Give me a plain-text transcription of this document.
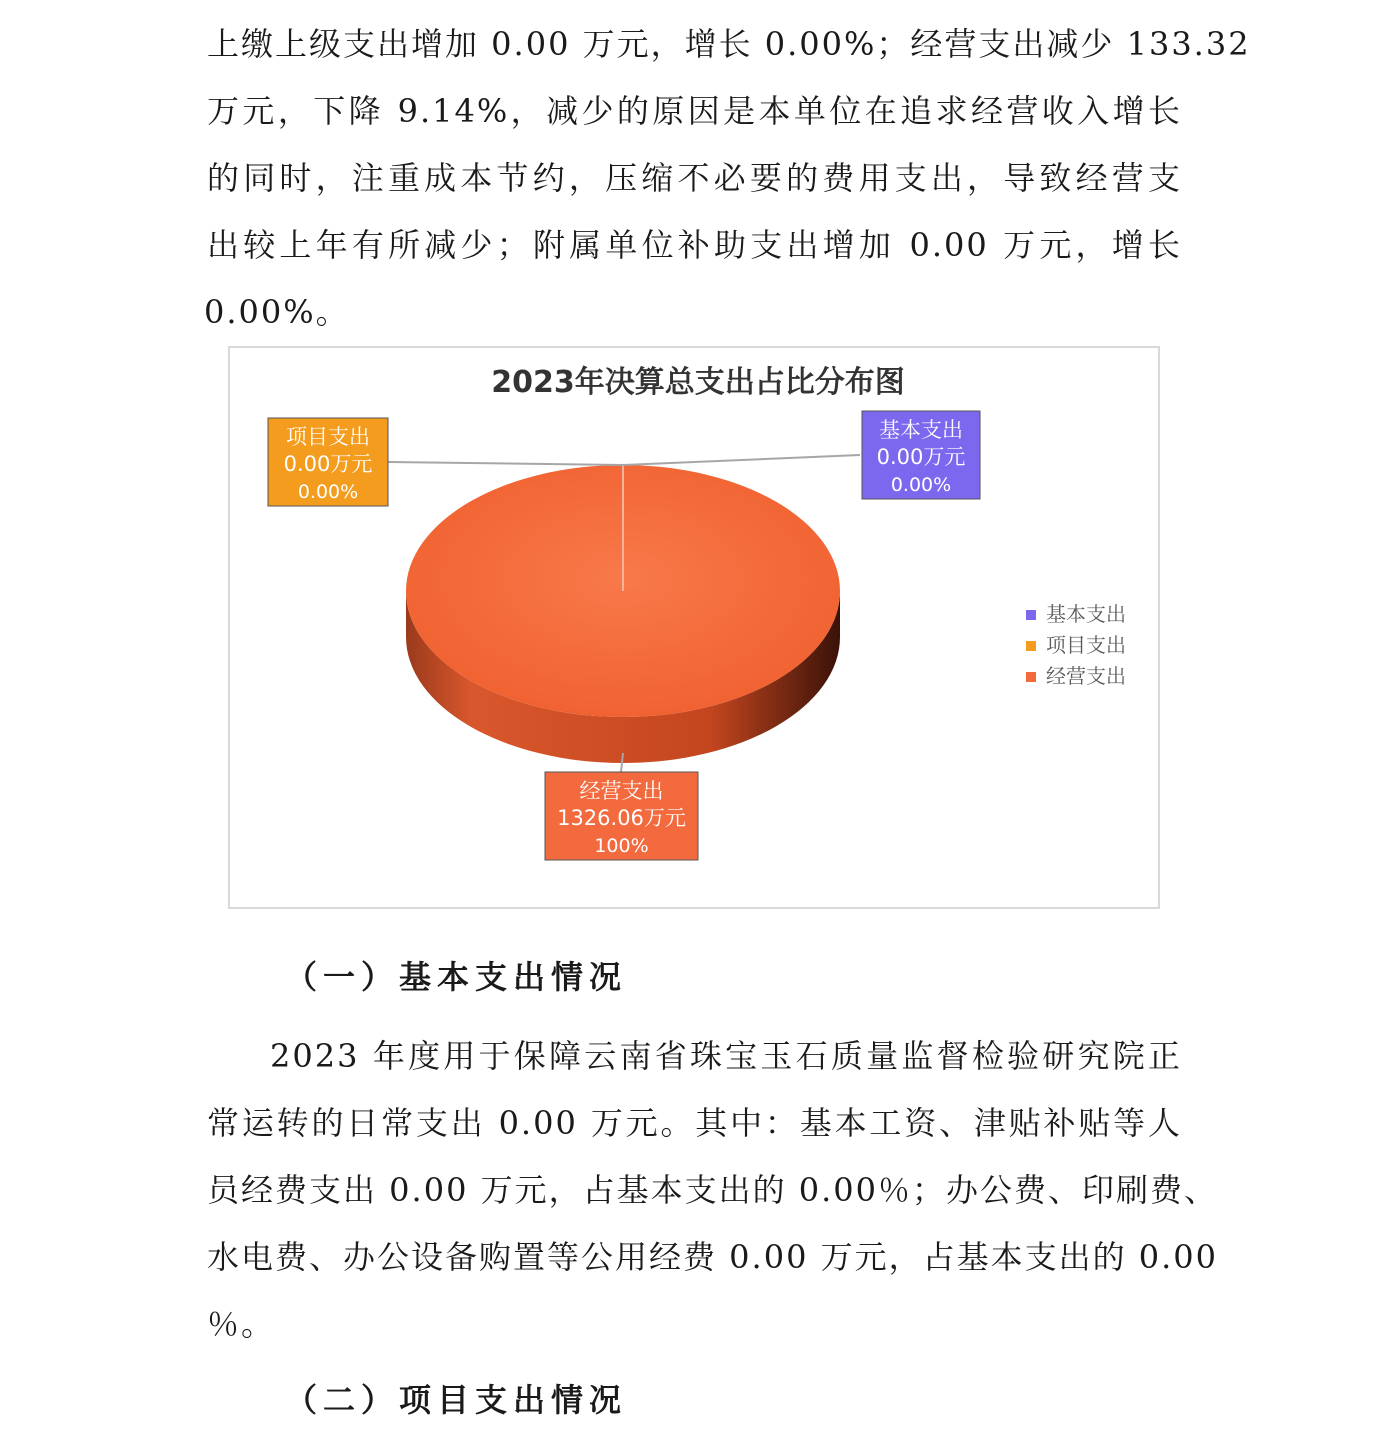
上缴上级支出增加 0.00 万元，增长 0.00%；经营支出减少 133.32
万元，下降 9.14%，减少的原因是本单位在追求经营收入增长
的同时，注重成本节约，压缩不必要的费用支出，导致经营支
出较上年有所减少；附属单位补助支出增加 0.00 万元，增长
0.00%。
2023年决算总支出占比分布图
基本支出
0.00万元
0.00%
项目支出
0.00万元
0.00%
经营支出
1326.06万元
100%
基本支出
项目支出
经营支出
（一）基本支出情况
2023 年度用于保障云南省珠宝玉石质量监督检验研究院正
常运转的日常支出 0.00 万元。其中：基本工资、津贴补贴等人
员经费支出 0.00 万元，占基本支出的 0.00％；办公费、印刷费、
水电费、办公设备购置等公用经费 0.00 万元，占基本支出的 0.00
％。
（二）项目支出情况
